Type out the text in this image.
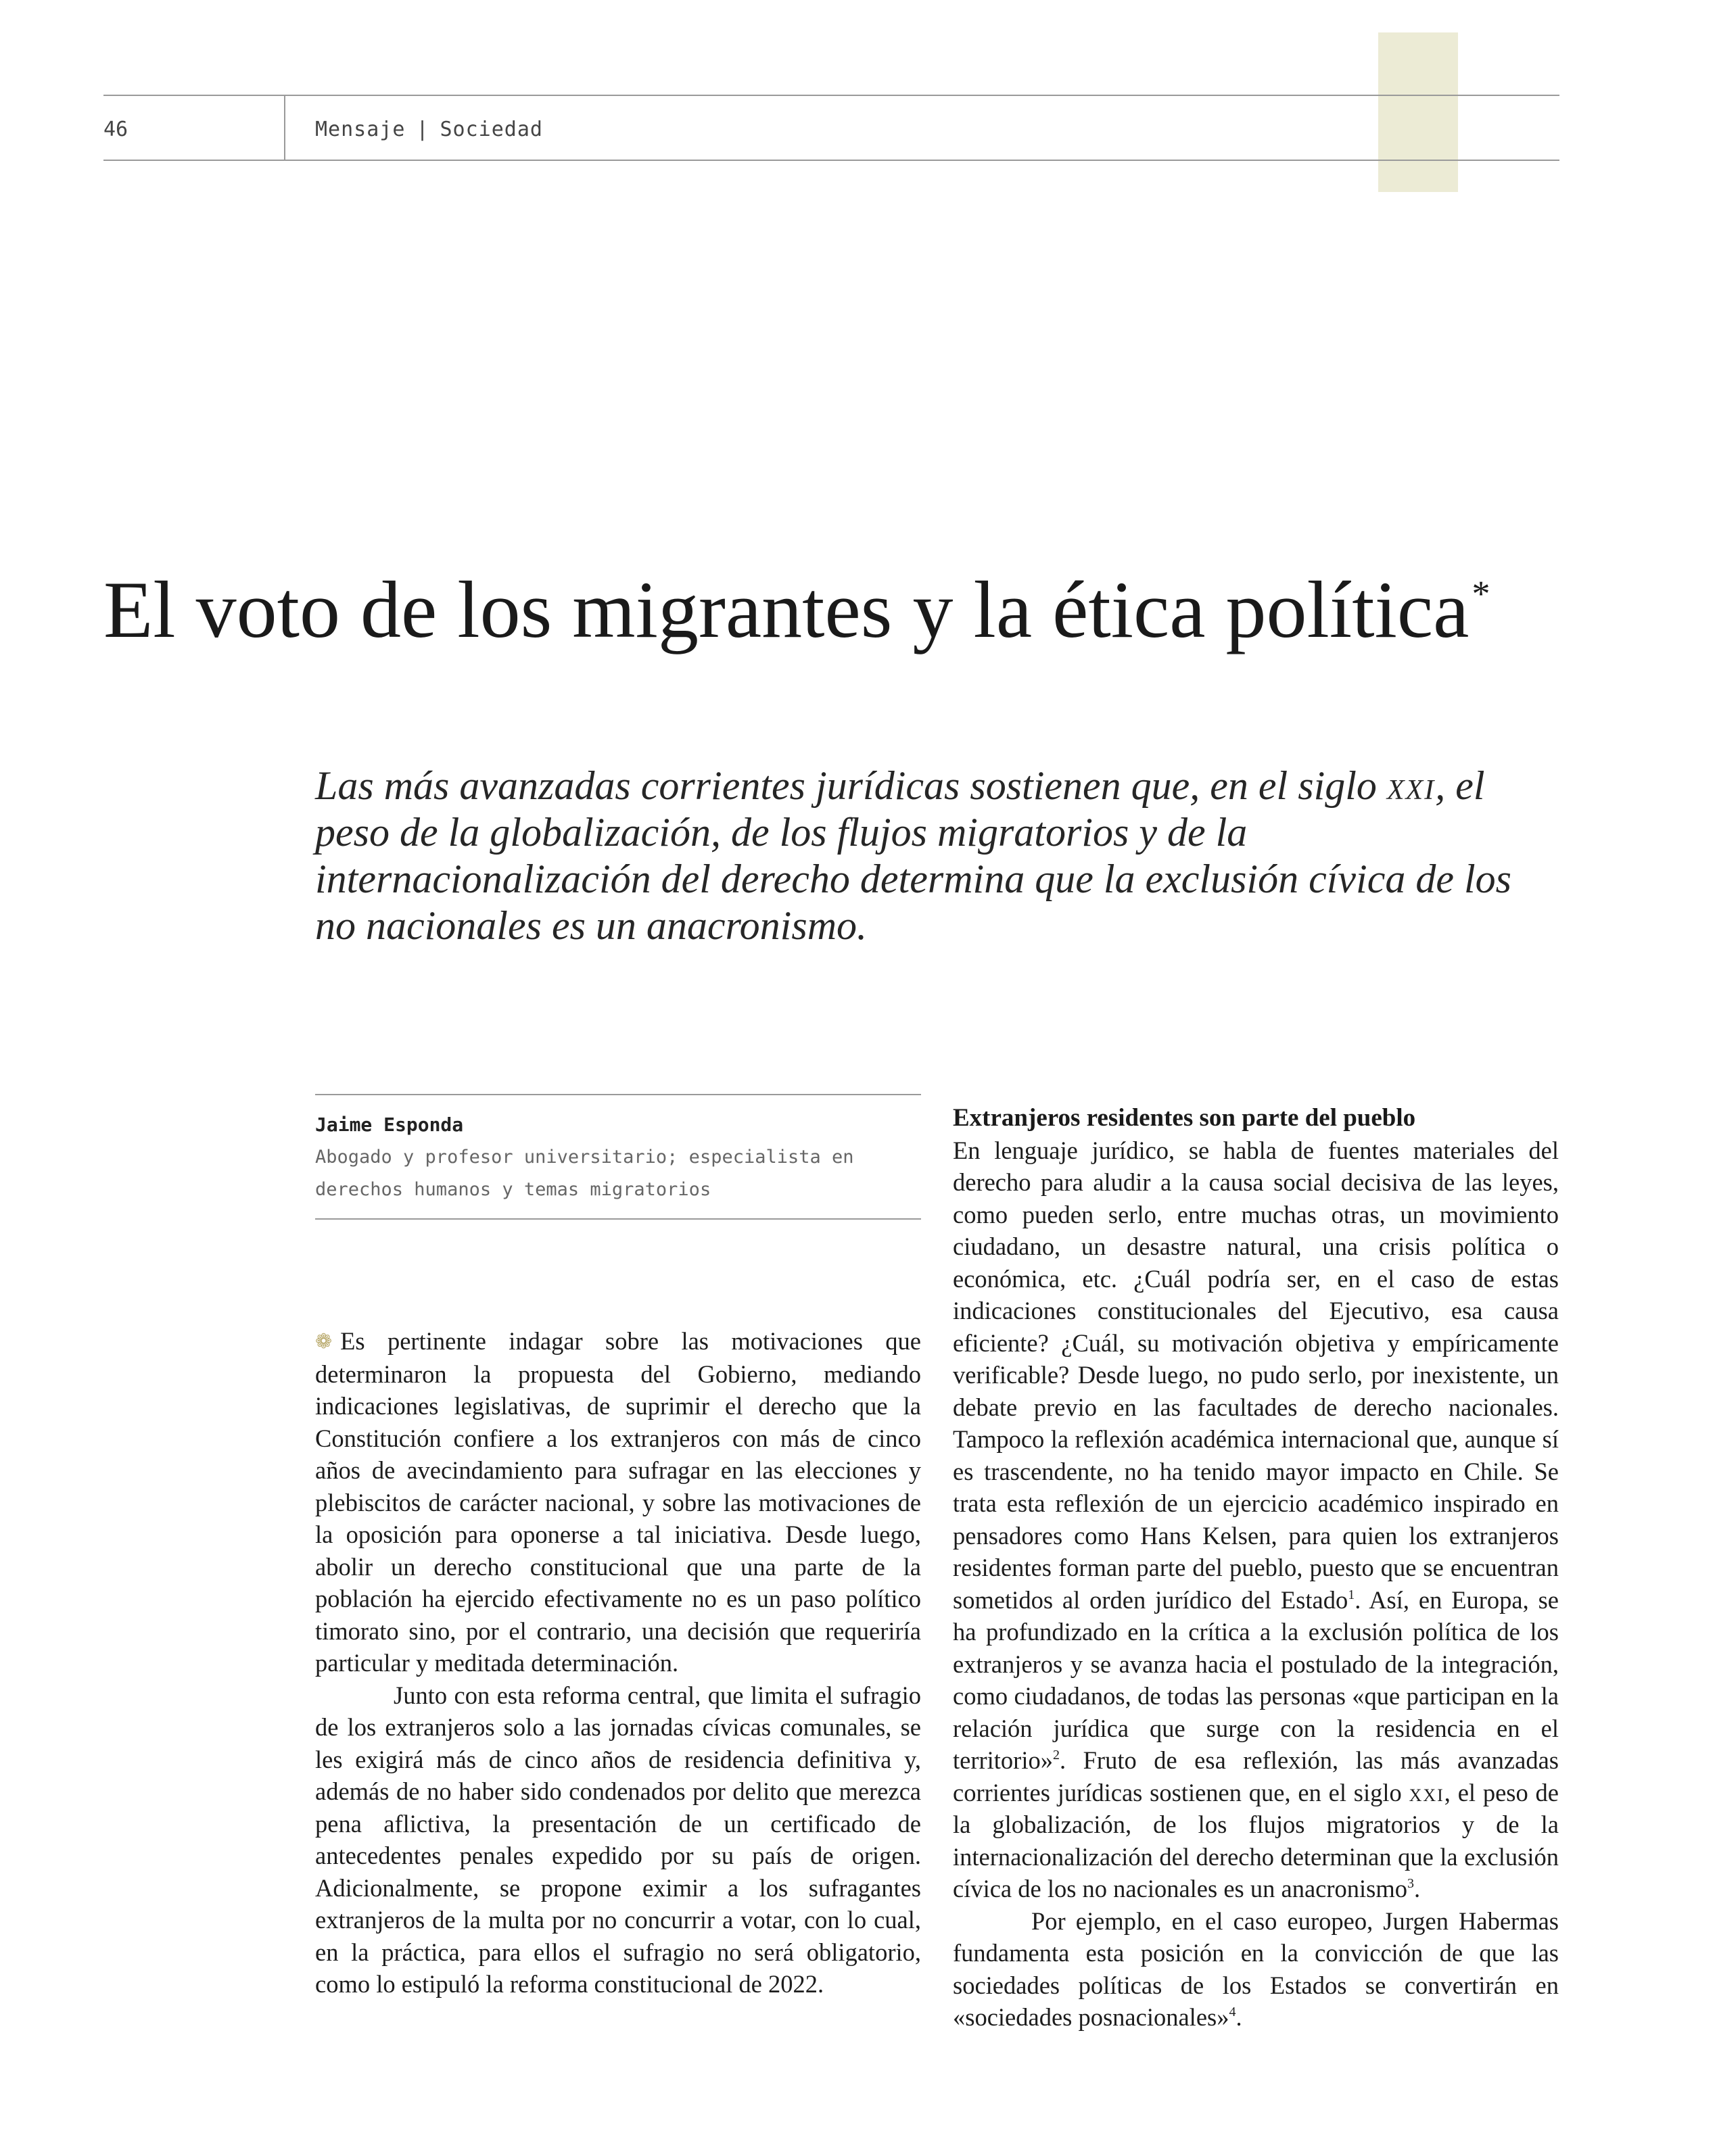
46	Mensaje | Sociedad
El voto de los migrantes y la ética política*

Las más avanzadas corrientes jurídicas sostienen que, en el siglo xxi, el peso de la globalización, de los flujos migratorios y de la internacionalización del derecho determina que la exclusión cívica de los no nacionales es un anacronismo.

Jaime Esponda
Abogado y profesor universitario; especialista en derechos humanos y temas migratorios

❁ Es pertinente indagar sobre las motivaciones que determinaron la propuesta del Gobierno, mediando indicaciones legislativas, de suprimir el derecho que la Constitución confiere a los extranjeros con más de cinco años de avecindamiento para sufragar en las elecciones y plebiscitos de carácter nacional, y sobre las motivaciones de la oposición para oponerse a tal iniciativa. Desde luego, abolir un derecho constitucional que una parte de la población ha ejercido efectivamente no es un paso político timorato sino, por el contrario, una decisión que requeriría particular y meditada determinación.

Junto con esta reforma central, que limita el sufragio de los extranjeros solo a las jornadas cívicas comunales, se les exigirá más de cinco años de residencia definitiva y, además de no haber sido condenados por delito que merezca pena aflictiva, la presentación de un certificado de antecedentes penales expedido por su país de origen. Adicionalmente, se propone eximir a los sufragantes extranjeros de la multa por no concurrir a votar, con lo cual, en la práctica, para ellos el sufragio no será obligatorio, como lo estipuló la reforma constitucional de 2022.

Extranjeros residentes son parte del pueblo

En lenguaje jurídico, se habla de fuentes materiales del derecho para aludir a la causa social decisiva de las leyes, como pueden serlo, entre muchas otras, un movimiento ciudadano, un desastre natural, una crisis política o económica, etc. ¿Cuál podría ser, en el caso de estas indicaciones constitucionales del Ejecutivo, esa causa eficiente? ¿Cuál, su motivación objetiva y empíricamente verificable? Desde luego, no pudo serlo, por inexistente, un debate previo en las facultades de derecho nacionales. Tampoco la reflexión académica internacional que, aunque sí es trascendente, no ha tenido mayor impacto en Chile. Se trata esta reflexión de un ejercicio académico inspirado en pensadores como Hans Kelsen, para quien los extranjeros residentes forman parte del pueblo, puesto que se encuentran sometidos al orden jurídico del Estado$^1$. Así, en Europa, se ha profundizado en la crítica a la exclusión política de los extranjeros y se avanza hacia el postulado de la integración, como ciudadanos, de todas las personas «que participan en la relación jurídica que surge con la residencia en el territorio»$^2$. Fruto de esa reflexión, las más avanzadas corrientes jurídicas sostienen que, en el siglo xxi, el peso de la globalización, de los flujos migratorios y de la internacionalización del derecho determinan que la exclusión cívica de los no nacionales es un anacronismo$^3$.

Por ejemplo, en el caso europeo, Jurgen Habermas fundamenta esta posición en la convicción de que las sociedades políticas de los Estados se convertirán en «sociedades posnacionales»$^4$.
